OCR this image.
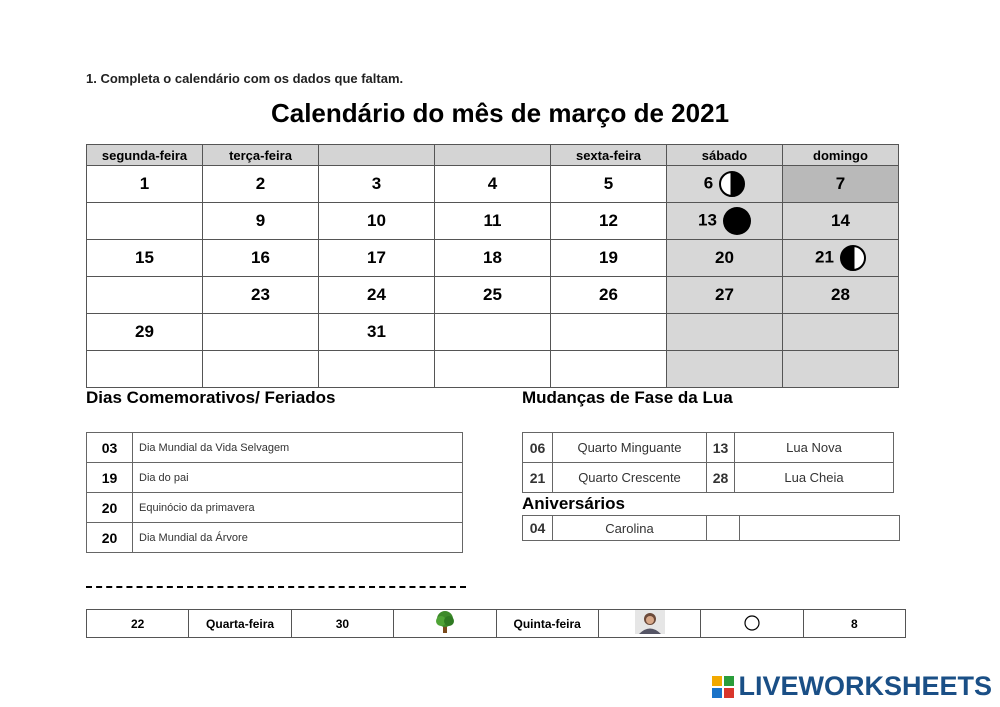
1. Completa o calendário com os dados que faltam.
Calendário do mês de março de 2021
segunda-feira	terça-feira			sexta-feira	sábado	domingo
1	2	3	4	5	6	7
	9	10	11	12	13	14
15	16	17	18	19	20	21
	23	24	25	26	27	28
29		31				

Dias Comemorativos/ Feriados
03	Dia Mundial da Vida Selvagem
19	Dia do pai
20	Equinócio da primavera
20	Dia Mundial da Árvore
Mudanças de Fase da Lua
06	Quarto Minguante	13	Lua Nova
21	Quarto Crescente	28	Lua Cheia
Aniversários
04	Carolina		
22	Quarta-feira	30		Quinta-feira			8
LIVEWORKSHEETS
